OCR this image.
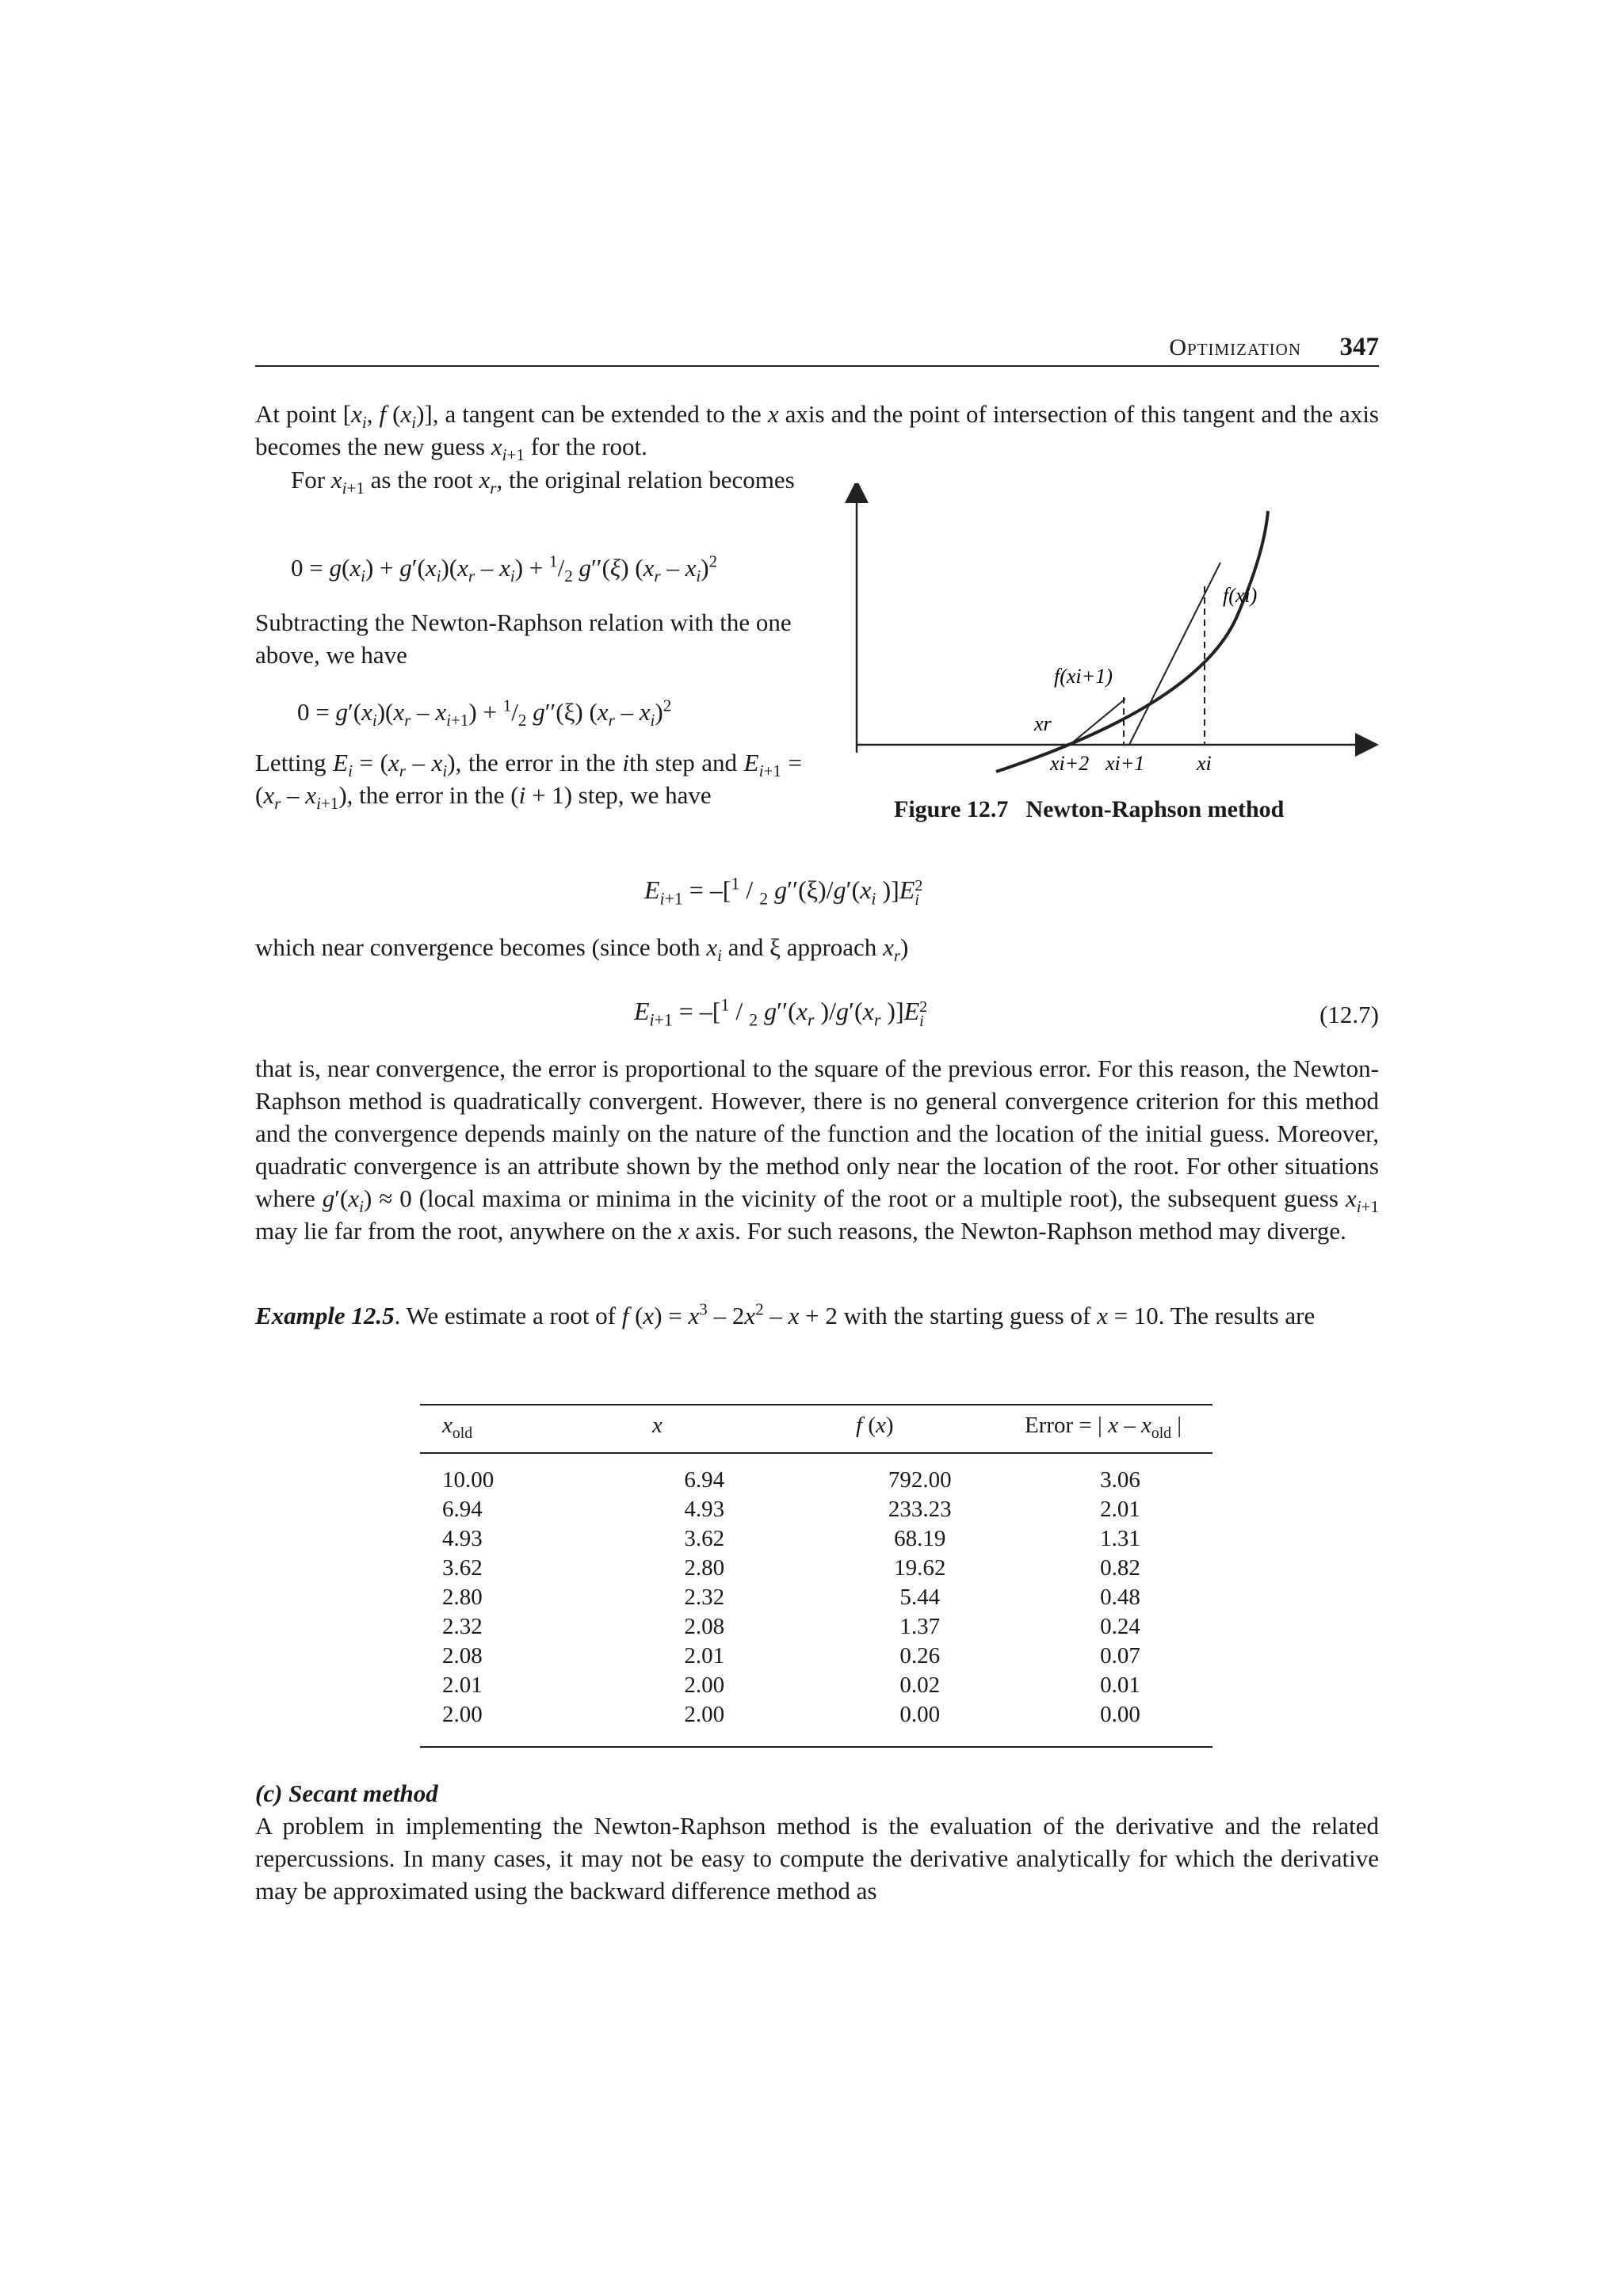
Optimization 347
At point [$x_i$, f $(x_i)$], a tangent can be extended to the x axis and the point of intersection of this tangent and the axis becomes the new guess $x_{i+1}$ for the root.
For $x_{i+1}$ as the root $x_r$, the original relation becomes
$0 = g(x_i) + g'(x_i)(x_r - x_i) + ^1/_2$ g′′(ξ) $(x_r - x_i)^2$
Subtracting the Newton-Raphson relation with the one above, we have
$0 = g'(x_i)(x_r - x_{i+1}) + ^1/_2$ g′′(ξ) $(x_r - x_i)^2$
Letting $E_i = (x_r - x_i)$, the error in the ith step and $E_{i+1} = (x_r - x_{i+1})$, the error in the (i + 1) step, we have
f(xi)
f(xi+1)
xr
xi+2 xi+1	xi
Figure 12.7 Newton-Raphson method
$E_{i+1} = -[^1 / _2$ $g''(\xi)/g'(x_i$ )]E 2
i
which near convergence becomes (since both $x_i$ and ξ approach $x_r$)
$E_{i+1} = -[^1 / _2$ $g''(x_r$ )$/g'(x_r$ )]E 2
i	(12.7)
that is, near convergence, the error is proportional to the square of the previous error. For this reason, the Newton-Raphson method is quadratically convergent. However, there is no general convergence criterion for this method and the convergence depends mainly on the nature of the function and the location of the initial guess. Moreover, quadratic convergence is an attribute shown by the method only near the location of the root. For other situations where $g'(x_i) \approx 0$ (local maxima or minima in the vicinity of the root or a multiple root), the subsequent guess $x_{i+1}$ may lie far from the root, anywhere on the x axis. For such reasons, the Newton-Raphson method may diverge.
Example 12.5. We estimate a root of f $(x) = x^3 - 2x^2 - x + 2$ with the starting guess of x = 10. The results are
$x_{old}$	x	f (x)	Error = | x – $x_{old}$ |
10.00	6.94	792.00	3.06
6.94	4.93	233.23	2.01
4.93	3.62	68.19	1.31
3.62	2.80	19.62	0.82
2.80	2.32	5.44	0.48
2.32	2.08	1.37	0.24
2.08	2.01	0.26	0.07
2.01	2.00	0.02	0.01
2.00	2.00	0.00	0.00
(c) Secant method
A problem in implementing the Newton-Raphson method is the evaluation of the derivative and the related repercussions. In many cases, it may not be easy to compute the derivative analytically for which the derivative may be approximated using the backward difference method as
